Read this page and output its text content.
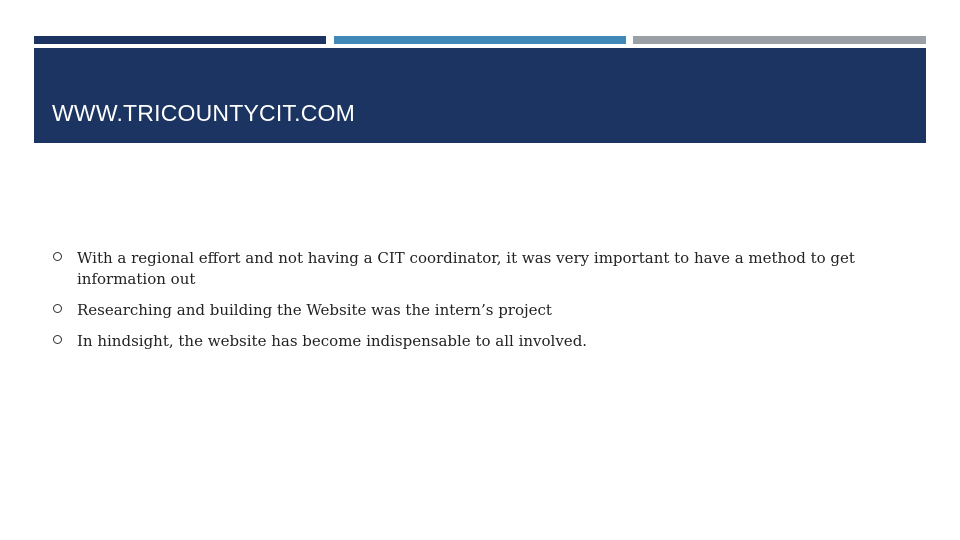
WWW.TRICOUNTYCIT.COM
With a regional effort and not having a CIT coordinator, it was very important to have a method to get information out
Researching and building the Website was the intern’s project
In hindsight, the website has become indispensable to all involved.
